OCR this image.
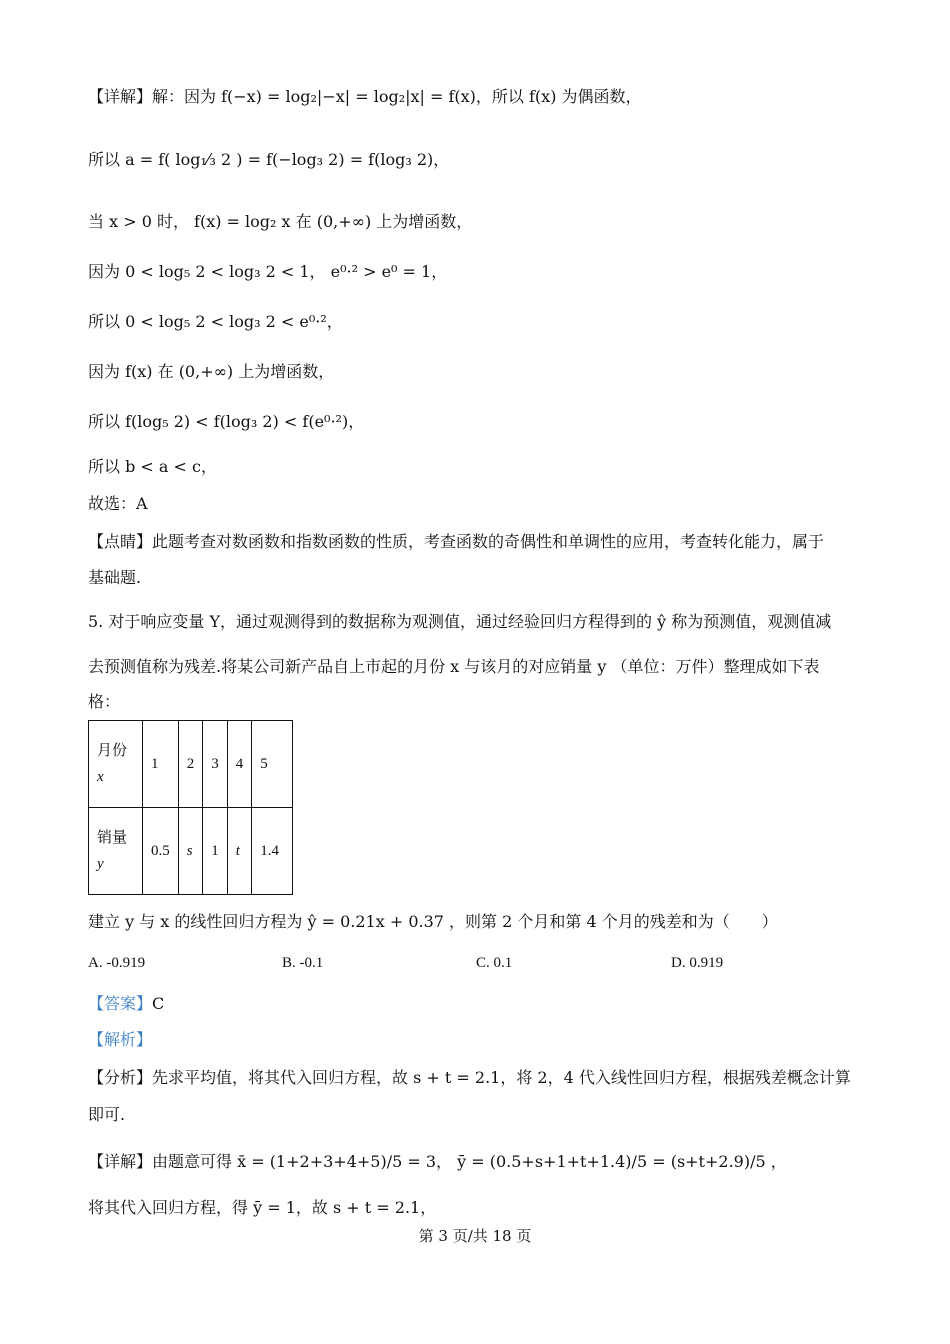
【详解】解：因为 f(−x) = log₂|−x| = log₂|x| = f(x)，所以 f(x) 为偶函数，
所以 a = f( log₁⁄₃ 2 ) = f(−log₃ 2) = f(log₃ 2)，
当 x > 0 时， f(x) = log₂ x 在 (0,+∞) 上为增函数，
因为 0 < log₅ 2 < log₃ 2 < 1， e⁰·² > e⁰ = 1，
所以 0 < log₅ 2 < log₃ 2 < e⁰·²，
因为 f(x) 在 (0,+∞) 上为增函数，
所以 f(log₅ 2) < f(log₃ 2) < f(e⁰·²)，
所以 b < a < c，
故选：A
【点睛】此题考查对数函数和指数函数的性质，考查函数的奇偶性和单调性的应用，考查转化能力，属于
基础题.
5. 对于响应变量 Y，通过观测得到的数据称为观测值，通过经验回归方程得到的 ŷ 称为预测值，观测值减
去预测值称为残差.将某公司新产品自上市起的月份 x 与该月的对应销量 y （单位：万件）整理成如下表
格：
月份
x	1	2	3	4	5

销量
y	0.5	s	1	t	1.4
建立 y 与 x 的线性回归方程为 ŷ = 0.21x + 0.37 ，则第 2 个月和第 4 个月的残差和为（　　）
A. -0.919	B. -0.1	C. 0.1	D. 0.919
【答案】C
【解析】
【分析】先求平均值，将其代入回归方程，故 s + t = 2.1，将 2，4 代入线性回归方程，根据残差概念计算
即可.
【详解】由题意可得 x̄ = (1+2+3+4+5)/5 = 3， ȳ = (0.5+s+1+t+1.4)/5 = (s+t+2.9)/5 ，
将其代入回归方程，得 ȳ = 1，故 s + t = 2.1，
第 3 页/共 18 页
